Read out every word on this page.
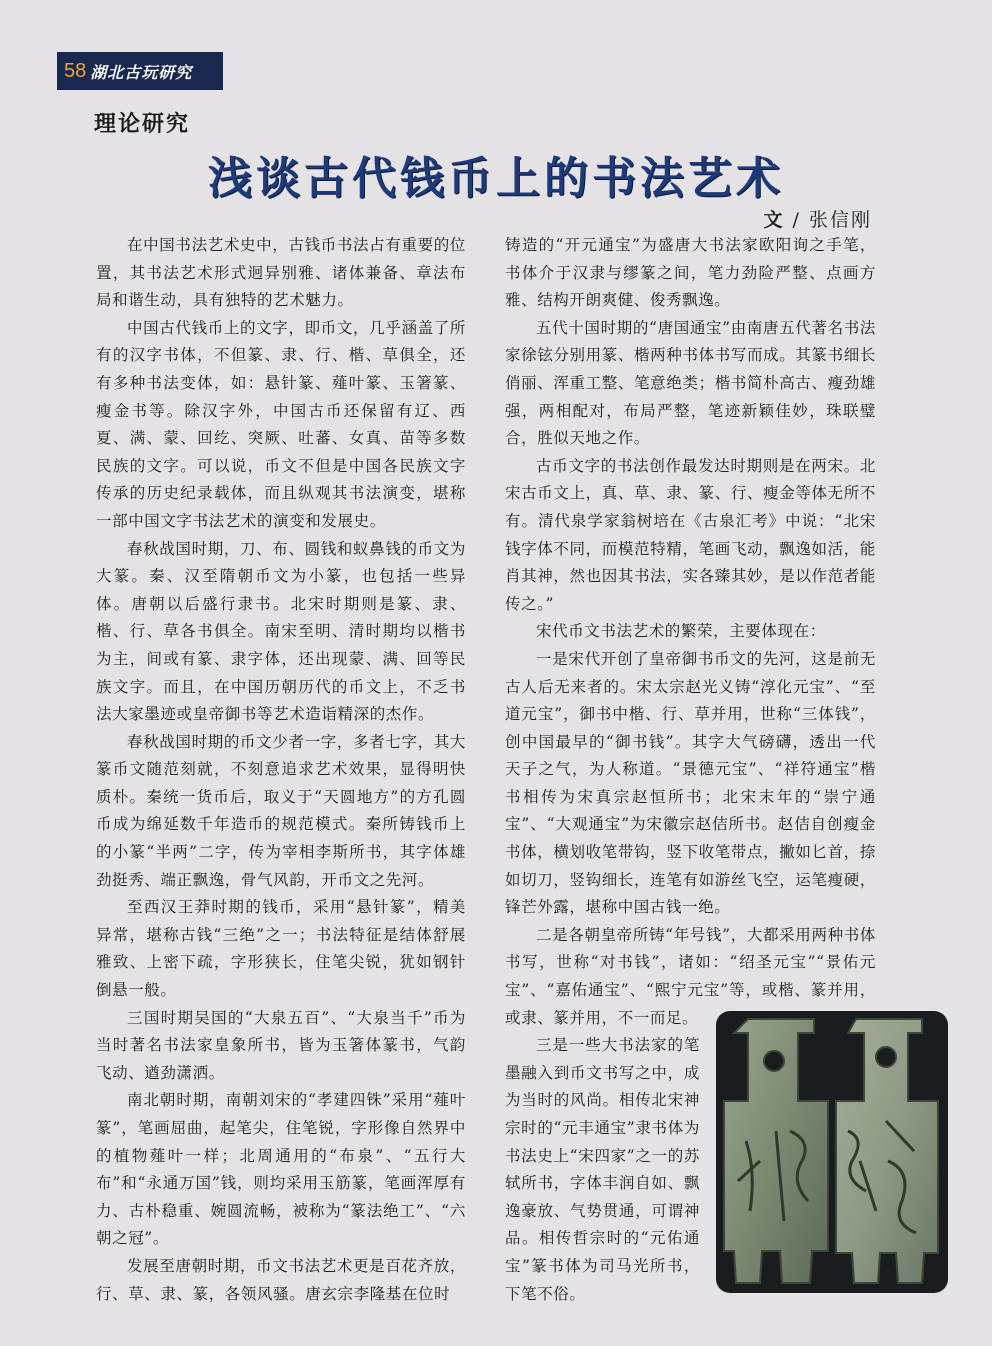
58 湖北古玩研究
理论研究
浅谈古代钱币上的书法艺术
文 / 张信刚

在中国书法艺术史中，古钱币书法占有重要的位置，其书法艺术形式迥异别雅、诸体兼备、章法布局和谐生动，具有独特的艺术魅力。

中国古代钱币上的文字，即币文，几乎涵盖了所有的汉字书体，不但篆、隶、行、楷、草俱全，还有多种书法变体，如：悬针篆、薤叶篆、玉箸篆、瘦金书等。除汉字外，中国古币还保留有辽、西夏、满、蒙、回纥、突厥、吐蕃、女真、苗等多数民族的文字。可以说，币文不但是中国各民族文字传承的历史纪录载体，而且纵观其书法演变，堪称一部中国文字书法艺术的演变和发展史。

春秋战国时期，刀、布、圆钱和蚁鼻钱的币文为大篆。秦、汉至隋朝币文为小篆，也包括一些异体。唐朝以后盛行隶书。北宋时期则是篆、隶、楷、行、草各书俱全。南宋至明、清时期均以楷书为主，间或有篆、隶字体，还出现蒙、满、回等民族文字。而且，在中国历朝历代的币文上，不乏书法大家墨迹或皇帝御书等艺术造诣精深的杰作。

春秋战国时期的币文少者一字，多者七字，其大篆币文随范刻就，不刻意追求艺术效果，显得明快质朴。秦统一货币后，取义于“天圆地方”的方孔圆币成为绵延数千年造币的规范模式。秦所铸钱币上的小篆“半两”二字，传为宰相李斯所书，其字体雄劲挺秀、端正飘逸，骨气风韵，开币文之先河。

至西汉王莽时期的钱币，采用“悬针篆”，精美异常，堪称古钱“三绝”之一；书法特征是结体舒展雅致、上密下疏，字形狭长，住笔尖锐，犹如钢针倒悬一般。

三国时期吴国的“大泉五百”、“大泉当千”币为当时著名书法家皇象所书，皆为玉箸体篆书，气韵飞动、遒劲潇洒。

南北朝时期，南朝刘宋的“孝建四铢”采用“薤叶篆”，笔画屈曲，起笔尖，住笔锐，字形像自然界中的植物薤叶一样；北周通用的“布泉”、“五行大布”和“永通万国”钱，则均采用玉筋篆，笔画浑厚有力、古朴稳重、婉圆流畅，被称为“篆法绝工”、“六朝之冠”。

发展至唐朝时期，币文书法艺术更是百花齐放，行、草、隶、篆，各领风骚。唐玄宗李隆基在位时

铸造的“开元通宝”为盛唐大书法家欧阳询之手笔，书体介于汉隶与缪篆之间，笔力劲险严整、点画方雅、结构开朗爽健、俊秀飘逸。

五代十国时期的“唐国通宝”由南唐五代著名书法家徐铉分别用篆、楷两种书体书写而成。其篆书细长俏丽、浑重工整、笔意绝类；楷书简朴高古、瘦劲雄强，两相配对，布局严整，笔迹新颖佳妙，珠联璧合，胜似天地之作。

古币文字的书法创作最发达时期则是在两宋。北宋古币文上，真、草、隶、篆、行、瘦金等体无所不有。清代泉学家翁树培在《古泉汇考》中说：“北宋钱字体不同，而模范特精，笔画飞动，飘逸如活，能肖其神，然也因其书法，实各臻其妙，是以作范者能传之。”

宋代币文书法艺术的繁荣，主要体现在：

一是宋代开创了皇帝御书币文的先河，这是前无古人后无来者的。宋太宗赵光义铸“淳化元宝”、“至道元宝”，御书中楷、行、草并用，世称“三体钱”，创中国最早的“御书钱”。其字大气磅礴，透出一代天子之气，为人称道。“景德元宝”、“祥符通宝”楷书相传为宋真宗赵恒所书；北宋末年的“崇宁通宝”、“大观通宝”为宋徽宗赵佶所书。赵佶自创瘦金书体，横划收笔带钩，竖下收笔带点，撇如匕首，捺如切刀，竖钩细长，连笔有如游丝飞空，运笔瘦硬，锋芒外露，堪称中国古钱一绝。

二是各朝皇帝所铸“年号钱”，大都采用两种书体书写，世称“对书钱”，诸如：“绍圣元宝”“景佑元宝”、“嘉佑通宝”、“熙宁元宝”等，或楷、篆并用，或隶、篆并用，不一而足。

三是一些大书法家的笔墨融入到币文书写之中，成为当时的风尚。相传北宋神宗时的“元丰通宝”隶书体为书法史上“宋四家”之一的苏轼所书，字体丰润自如、飘逸豪放、气势贯通，可谓神品。相传哲宗时的“元佑通宝”篆书体为司马光所书，下笔不俗。
